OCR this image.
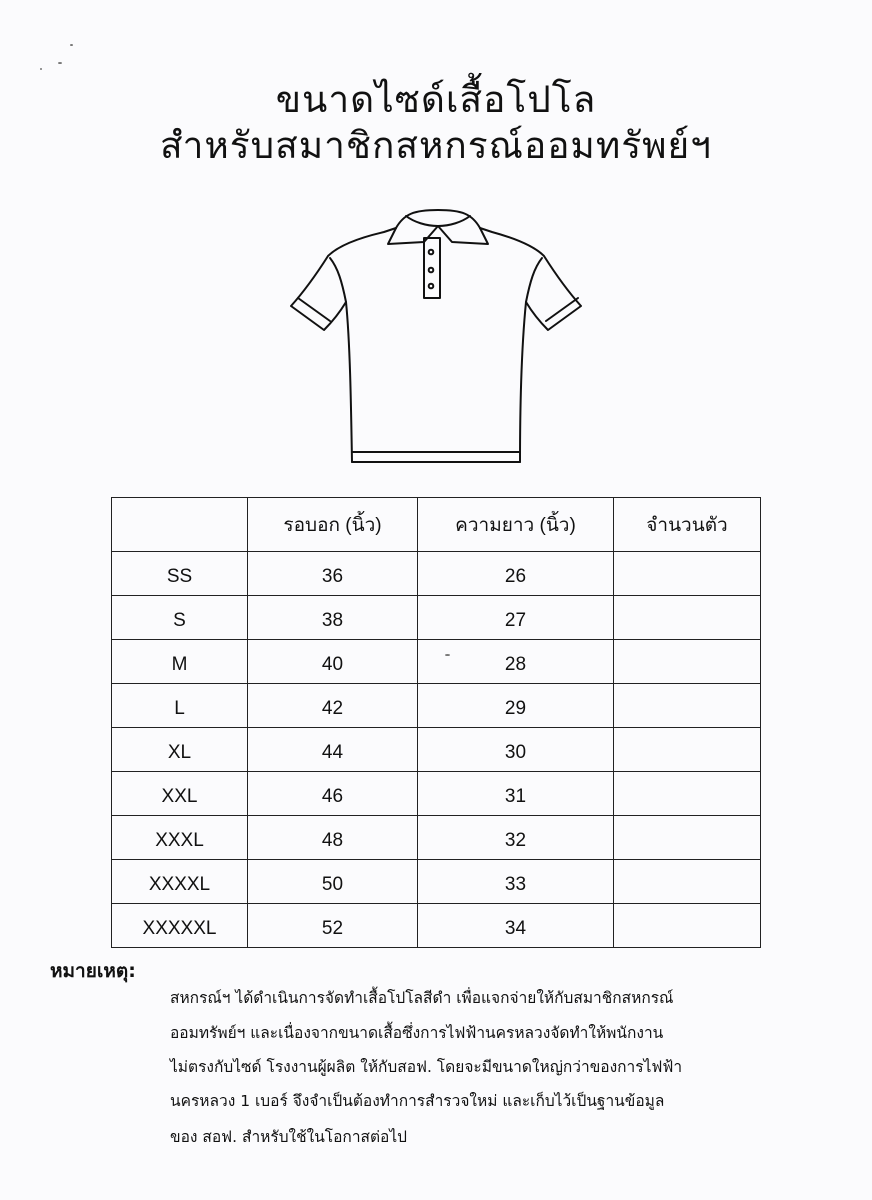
ขนาดไซด์เสื้อโปโล
สำหรับสมาชิกสหกรณ์ออมทรัพย์ฯ
	รอบอก (นิ้ว)	ความยาว (นิ้ว)	จำนวนตัว
SS	36	26	
S	38	27	
M	40	28	
L	42	29	
XL	44	30	
XXL	46	31	
XXXL	48	32	
XXXXL	50	33	
XXXXXL	52	34	
หมายเหตุ:
สหกรณ์ฯ ได้ดำเนินการจัดทำเสื้อโปโลสีดำ เพื่อแจกจ่ายให้กับสมาชิกสหกรณ์
ออมทรัพย์ฯ และเนื่องจากขนาดเสื้อซึ่งการไฟฟ้านครหลวงจัดทำให้พนักงาน
ไม่ตรงกับไซด์ โรงงานผู้ผลิต ให้กับสอฟ. โดยจะมีขนาดใหญ่กว่าของการไฟฟ้า
นครหลวง 1 เบอร์ จึงจำเป็นต้องทำการสำรวจใหม่ และเก็บไว้เป็นฐานข้อมูล
ของ สอฟ. สำหรับใช้ในโอกาสต่อไป
